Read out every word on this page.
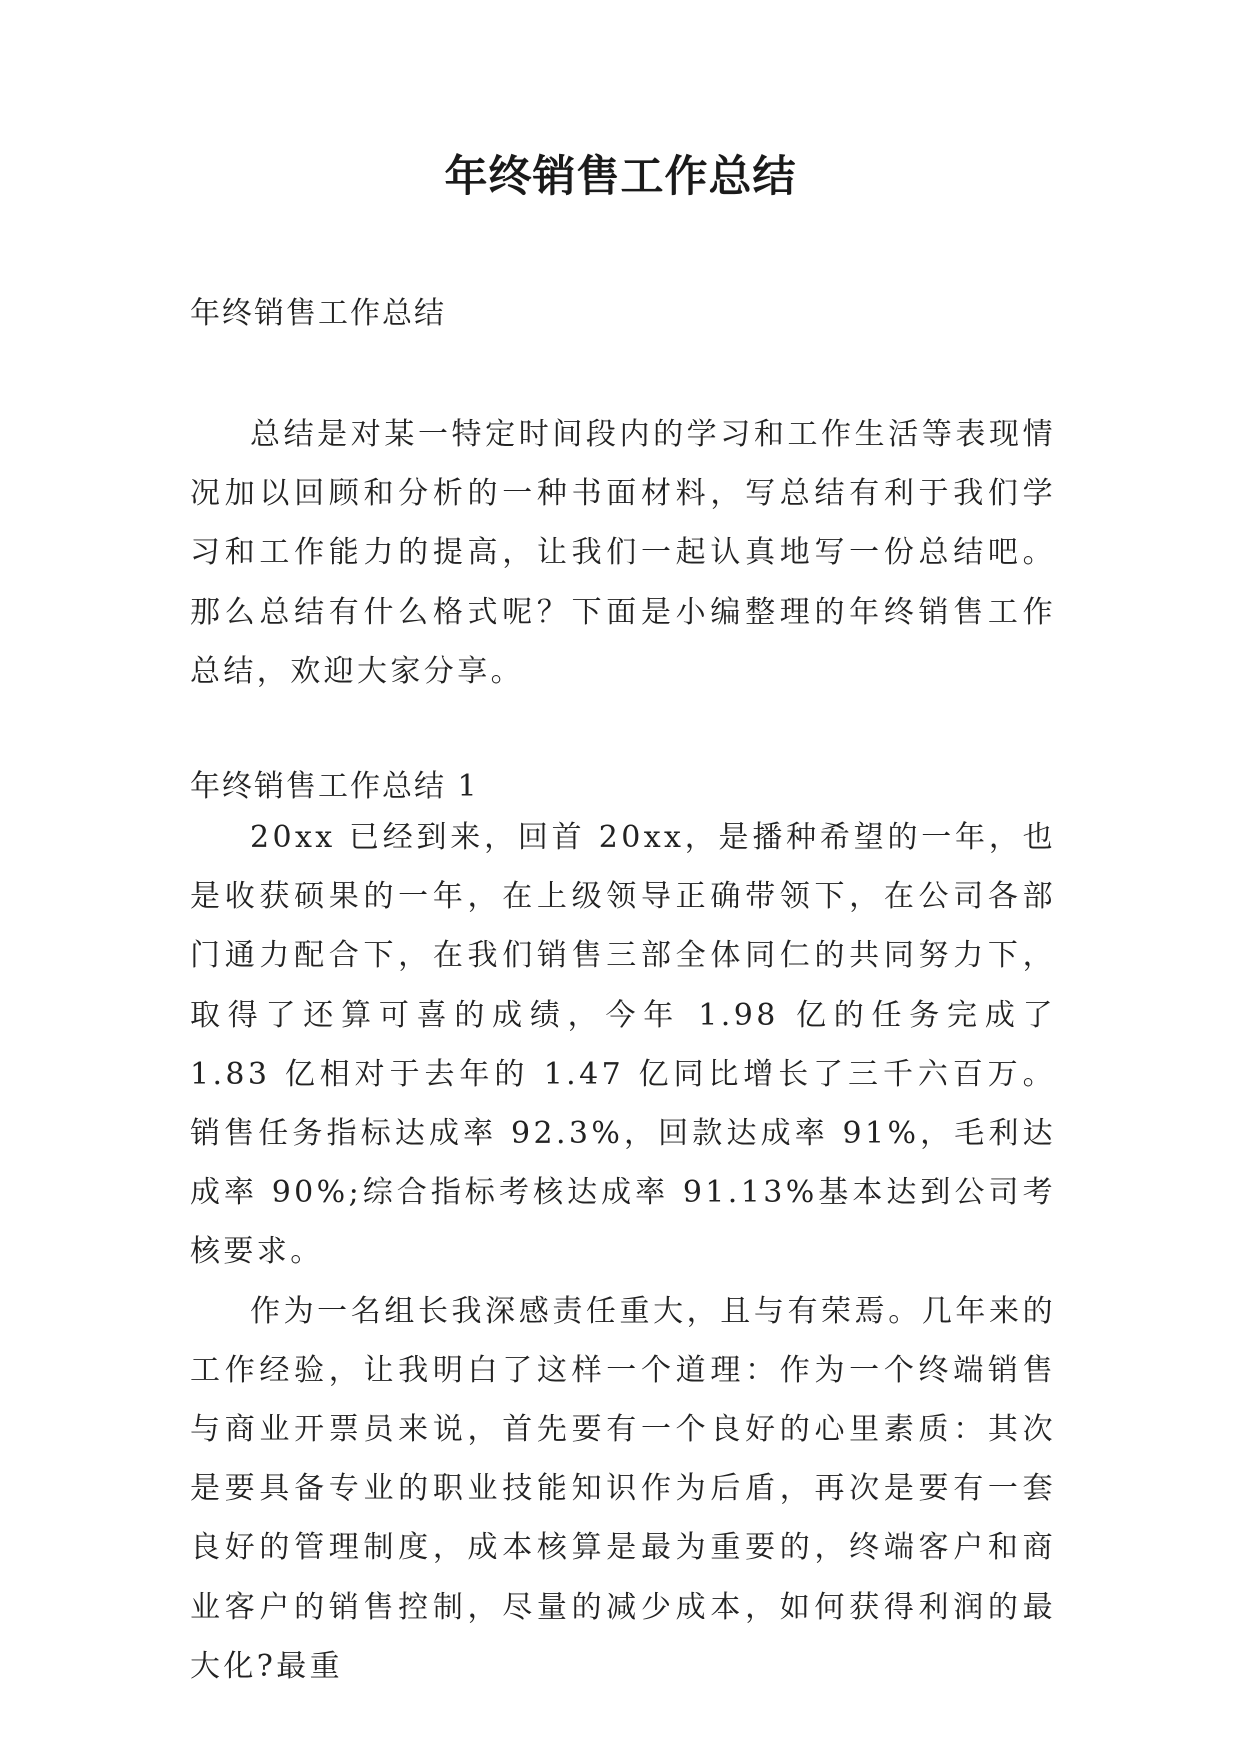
年终销售工作总结
年终销售工作总结

总结是对某一特定时间段内的学习和工作生活等表现情况加以回顾和分析的一种书面材料，写总结有利于我们学习和工作能力的提高，让我们一起认真地写一份总结吧。那么总结有什么格式呢？下面是小编整理的年终销售工作总结，欢迎大家分享。

年终销售工作总结 1

20xx 已经到来，回首 20xx，是播种希望的一年，也是收获硕果的一年，在上级领导正确带领下，在公司各部门通力配合下，在我们销售三部全体同仁的共同努力下，取得了还算可喜的成绩，今年 1.98 亿的任务完成了 1.83 亿相对于去年的 1.47 亿同比增长了三千六百万。销售任务指标达成率 92.3%，回款达成率 91%，毛利达成率 90%;综合指标考核达成率 91.13%基本达到公司考核要求。

作为一名组长我深感责任重大，且与有荣焉。几年来的工作经验，让我明白了这样一个道理：作为一个终端销售与商业开票员来说，首先要有一个良好的心里素质：其次是要具备专业的职业技能知识作为后盾，再次是要有一套良好的管理制度，成本核算是最为重要的，终端客户和商业客户的销售控制，尽量的减少成本，如何获得利润的最大化?最重
